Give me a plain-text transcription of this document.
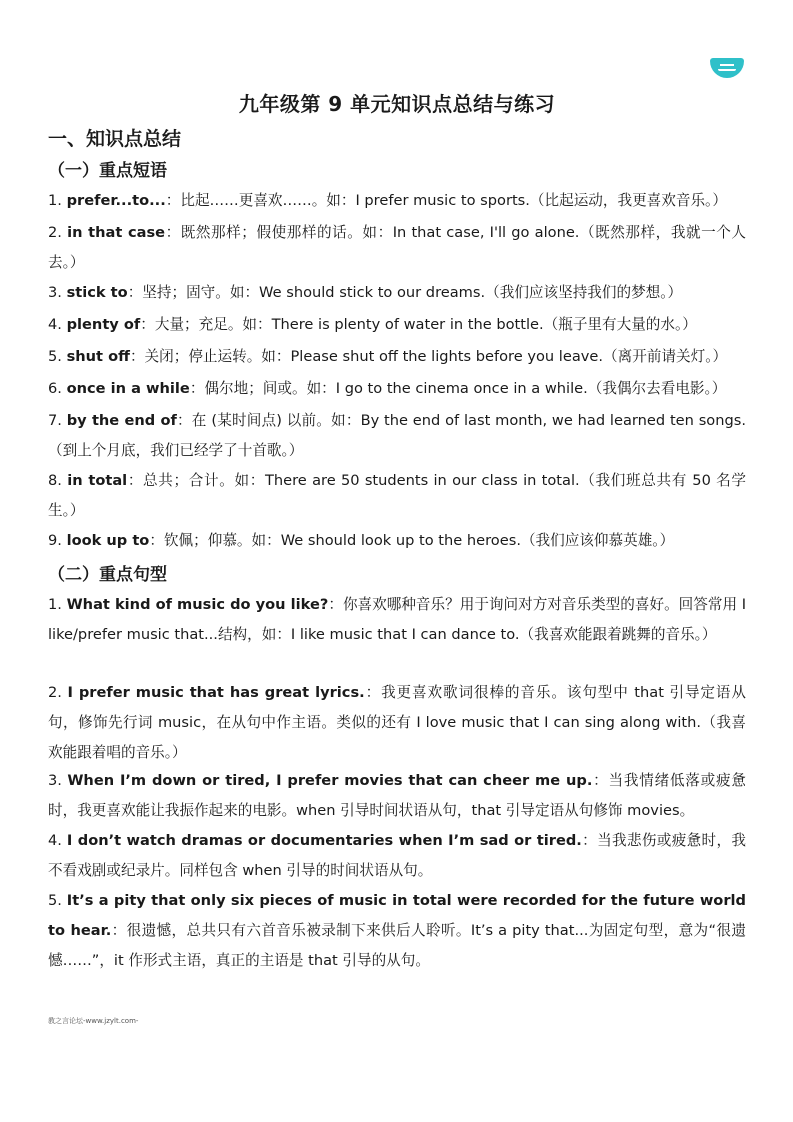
九年级第 9 单元知识点总结与练习
一、知识点总结
（一）重点短语
1. prefer...to...：比起……更喜欢……。如：I prefer music to sports.（比起运动，我更喜欢音乐。）
2. in that case：既然那样；假使那样的话。如：In that case, I'll go alone.（既然那样，我就一个人去。）
3. stick to：坚持；固守。如：We should stick to our dreams.（我们应该坚持我们的梦想。）
4. plenty of：大量；充足。如：There is plenty of water in the bottle.（瓶子里有大量的水。）
5. shut off：关闭；停止运转。如：Please shut off the lights before you leave.（离开前请关灯。）
6. once in a while：偶尔地；间或。如：I go to the cinema once in a while.（我偶尔去看电影。）
7. by the end of：在 (某时间点) 以前。如：By the end of last month, we had learned ten songs.（到上个月底，我们已经学了十首歌。）
8. in total：总共；合计。如：There are 50 students in our class in total.（我们班总共有 50 名学生。）
9. look up to：钦佩；仰慕。如：We should look up to the heroes.（我们应该仰慕英雄。）
（二）重点句型
1. What kind of music do you like?：你喜欢哪种音乐？用于询问对方对音乐类型的喜好。回答常用 I like/prefer music that...结构，如：I like music that I can dance to.（我喜欢能跟着跳舞的音乐。）
2. I prefer music that has great lyrics.：我更喜欢歌词很棒的音乐。该句型中 that 引导定语从句，修饰先行词 music，在从句中作主语。类似的还有 I love music that I can sing along with.（我喜欢能跟着唱的音乐。）
3. When I’m down or tired, I prefer movies that can cheer me up.：当我情绪低落或疲惫时，我更喜欢能让我振作起来的电影。when 引导时间状语从句，that 引导定语从句修饰 movies。
4. I don’t watch dramas or documentaries when I’m sad or tired.：当我悲伤或疲惫时，我不看戏剧或纪录片。同样包含 when 引导的时间状语从句。
5. It’s a pity that only six pieces of music in total were recorded for the future world to hear.：很遗憾，总共只有六首音乐被录制下来供后人聆听。It’s a pity that...为固定句型，意为“很遗憾……”，it 作形式主语，真正的主语是 that 引导的从句。
教之言论坛-www.jzylt.com-
